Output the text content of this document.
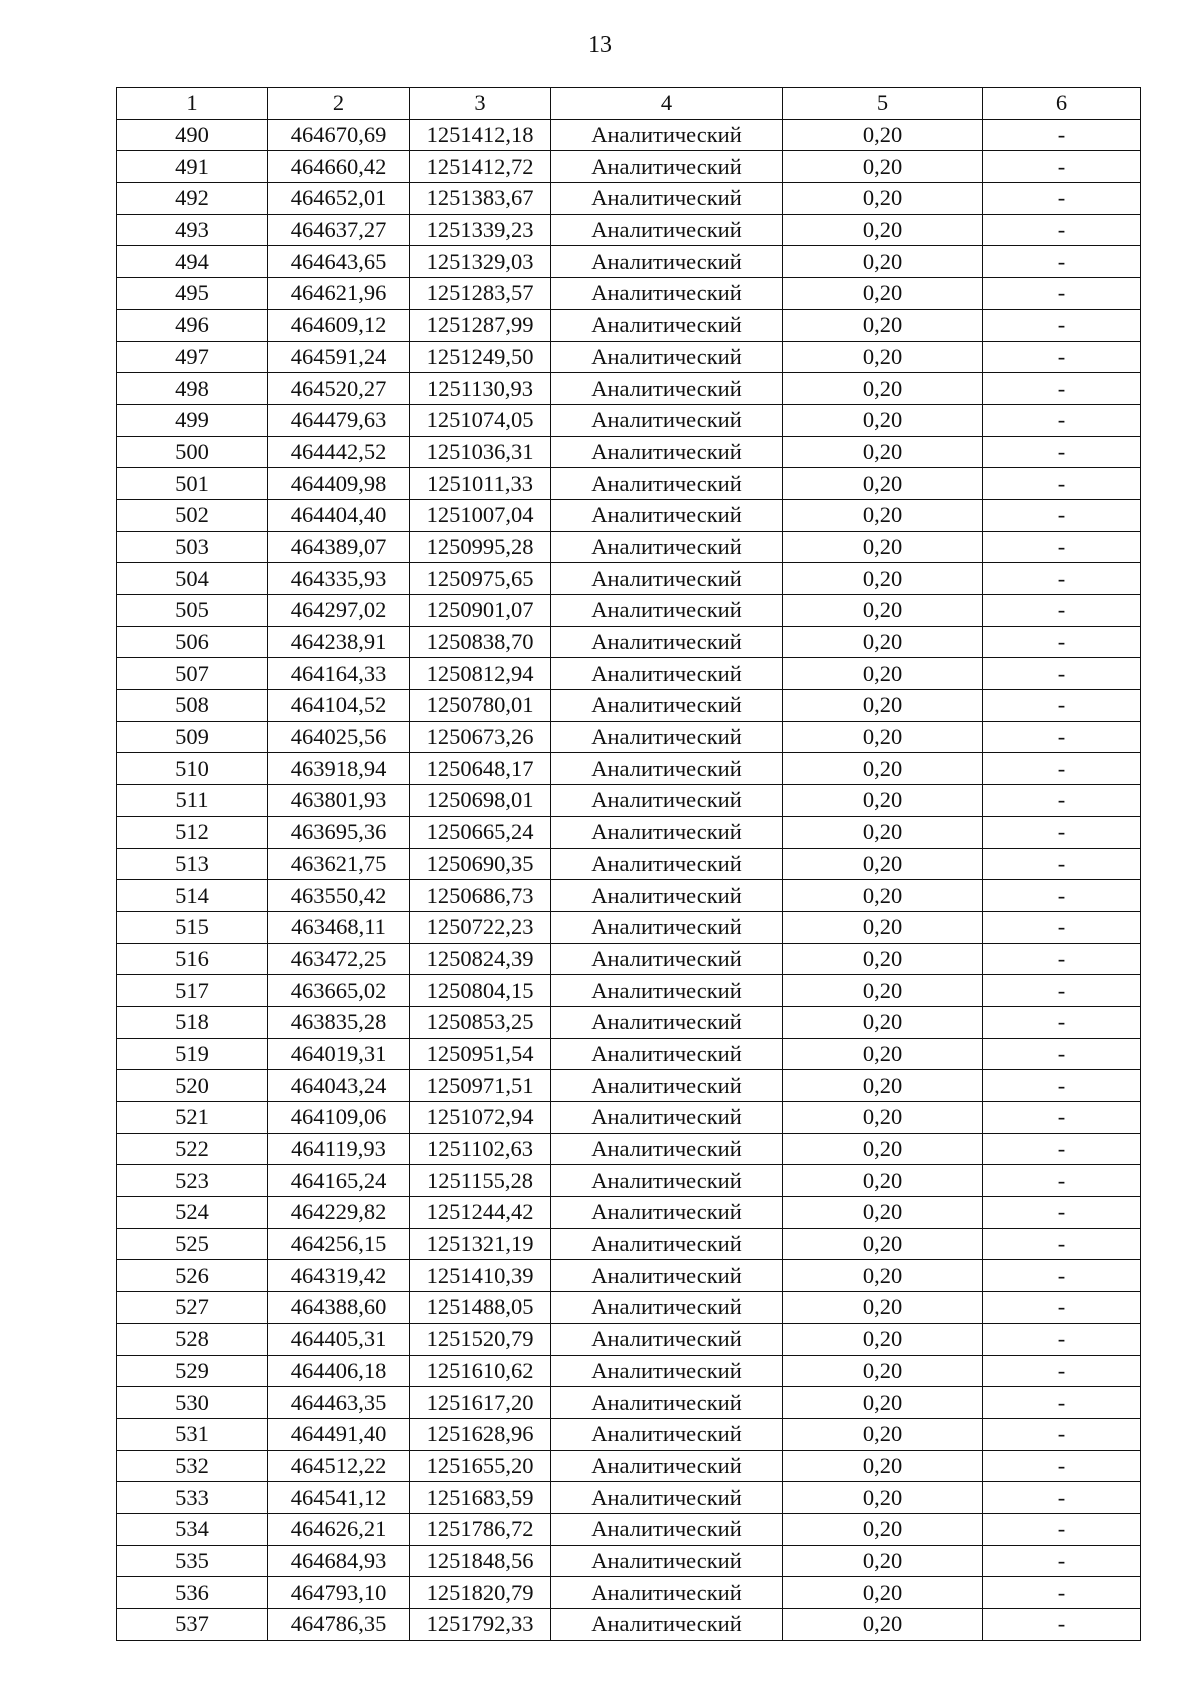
13
1	2	3	4	5	6
490	464670,69	1251412,18	Аналитический	0,20	-
491	464660,42	1251412,72	Аналитический	0,20	-
492	464652,01	1251383,67	Аналитический	0,20	-
493	464637,27	1251339,23	Аналитический	0,20	-
494	464643,65	1251329,03	Аналитический	0,20	-
495	464621,96	1251283,57	Аналитический	0,20	-
496	464609,12	1251287,99	Аналитический	0,20	-
497	464591,24	1251249,50	Аналитический	0,20	-
498	464520,27	1251130,93	Аналитический	0,20	-
499	464479,63	1251074,05	Аналитический	0,20	-
500	464442,52	1251036,31	Аналитический	0,20	-
501	464409,98	1251011,33	Аналитический	0,20	-
502	464404,40	1251007,04	Аналитический	0,20	-
503	464389,07	1250995,28	Аналитический	0,20	-
504	464335,93	1250975,65	Аналитический	0,20	-
505	464297,02	1250901,07	Аналитический	0,20	-
506	464238,91	1250838,70	Аналитический	0,20	-
507	464164,33	1250812,94	Аналитический	0,20	-
508	464104,52	1250780,01	Аналитический	0,20	-
509	464025,56	1250673,26	Аналитический	0,20	-
510	463918,94	1250648,17	Аналитический	0,20	-
511	463801,93	1250698,01	Аналитический	0,20	-
512	463695,36	1250665,24	Аналитический	0,20	-
513	463621,75	1250690,35	Аналитический	0,20	-
514	463550,42	1250686,73	Аналитический	0,20	-
515	463468,11	1250722,23	Аналитический	0,20	-
516	463472,25	1250824,39	Аналитический	0,20	-
517	463665,02	1250804,15	Аналитический	0,20	-
518	463835,28	1250853,25	Аналитический	0,20	-
519	464019,31	1250951,54	Аналитический	0,20	-
520	464043,24	1250971,51	Аналитический	0,20	-
521	464109,06	1251072,94	Аналитический	0,20	-
522	464119,93	1251102,63	Аналитический	0,20	-
523	464165,24	1251155,28	Аналитический	0,20	-
524	464229,82	1251244,42	Аналитический	0,20	-
525	464256,15	1251321,19	Аналитический	0,20	-
526	464319,42	1251410,39	Аналитический	0,20	-
527	464388,60	1251488,05	Аналитический	0,20	-
528	464405,31	1251520,79	Аналитический	0,20	-
529	464406,18	1251610,62	Аналитический	0,20	-
530	464463,35	1251617,20	Аналитический	0,20	-
531	464491,40	1251628,96	Аналитический	0,20	-
532	464512,22	1251655,20	Аналитический	0,20	-
533	464541,12	1251683,59	Аналитический	0,20	-
534	464626,21	1251786,72	Аналитический	0,20	-
535	464684,93	1251848,56	Аналитический	0,20	-
536	464793,10	1251820,79	Аналитический	0,20	-
537	464786,35	1251792,33	Аналитический	0,20	-
